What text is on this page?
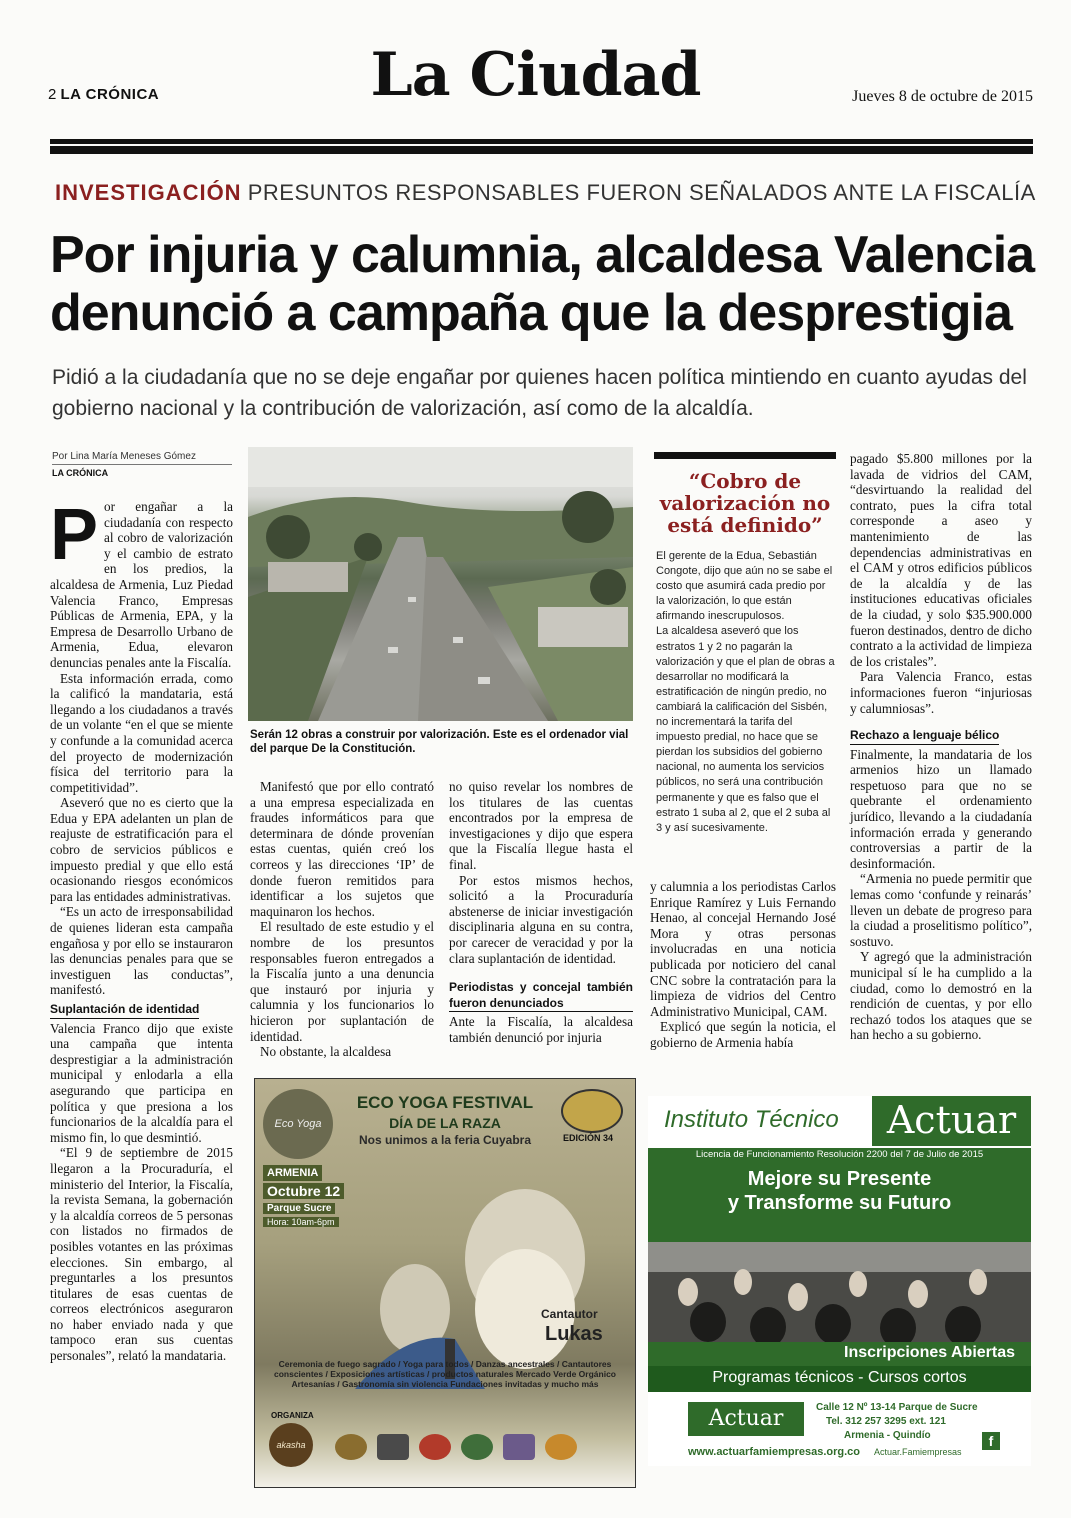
2 LA CRÓNICA	La Ciudad	Jueves 8 de octubre de 2015
INVESTIGACIÓN PRESUNTOS RESPONSABLES FUERON SEÑALADOS ANTE LA FISCALÍA
Por injuria y calumnia, alcaldesa Valencia denunció a campaña que la desprestigia
Pidió a la ciudadanía que no se deje engañar por quienes hacen política mintiendo en cuanto ayudas del gobierno nacional y la contribución de valorización, así como de la alcaldía.
Por Lina María Meneses Gómez
LA CRÓNICA

Por engañar a la ciudadanía con respecto al cobro de valorización y el cambio de estrato en los predios, la alcaldesa de Armenia, Luz Piedad Valencia Franco, Empresas Públicas de Armenia, EPA, y la Empresa de Desarrollo Urbano de Armenia, Edua, elevaron denuncias penales ante la Fiscalía.

Esta información errada, como la calificó la mandataria, está llegando a los ciudadanos a través de un volante “en el que se miente y confunde a la comunidad acerca del proyecto de modernización física del territorio para la competitividad”.

Aseveró que no es cierto que la Edua y EPA adelanten un plan de reajuste de estratificación para el cobro de servicios públicos e impuesto predial y que ello está ocasionando riesgos económicos para las entidades administrativas.

“Es un acto de irresponsabilidad de quienes lideran esta campaña engañosa y por ello se instauraron las denuncias penales para que se investiguen las conductas”, manifestó.

Suplantación de identidad

Valencia Franco dijo que existe una campaña que intenta desprestigiar a la administración municipal y enlodarla a ella asegurando que participa en política y que presiona a los funcionarios de la alcaldía para el mismo fin, lo que desmintió.

“El 9 de septiembre de 2015 llegaron a la Procuraduría, el ministerio del Interior, la Fiscalía, la revista Semana, la gobernación y la alcaldía correos de 5 personas con listados no firmados de posibles votantes en las próximas elecciones. Sin embargo, al preguntarles a los presuntos titulares de esas cuentas de correos electrónicos aseguraron no haber enviado nada y que tampoco eran sus cuentas personales”, relató la mandataria.

Serán 12 obras a construir por valorización. Este es el ordenador vial del parque De la Constitución.

Manifestó que por ello contrató a una empresa especializada en fraudes informáticos para que determinara de dónde provenían estas cuentas, quién creó los correos y las direcciones ‘IP’ de donde fueron remitidos para identificar a los sujetos que maquinaron los hechos.

El resultado de este estudio y el nombre de los presuntos responsables fueron entregados a la Fiscalía junto a una denuncia que instauró por injuria y calumnia y los funcionarios lo hicieron por suplantación de identidad.

No obstante, la alcaldesa

no quiso revelar los nombres de los titulares de las cuentas encontrados por la empresa de investigaciones y dijo que espera que la Fiscalía llegue hasta el final.

Por estos mismos hechos, solicitó a la Procuraduría abstenerse de iniciar investigación disciplinaria alguna en su contra, por carecer de veracidad y por la clara suplantación de identidad.

Periodistas y concejal también fueron denunciados

Ante la Fiscalía, la alcaldesa también denunció por injuria

“Cobro de valorización no está definido”
El gerente de la Edua, Sebastián Congote, dijo que aún no se sabe el costo que asumirá cada predio por la valorización, lo que están afirmando inescrupulosos.
La alcaldesa aseveró que los estratos 1 y 2 no pagarán la valorización y que el plan de obras a desarrollar no modificará la estratificación de ningún predio, no cambiará la calificación del Sisbén, no incrementará la tarifa del impuesto predial, no hace que se pierdan los subsidios del gobierno nacional, no aumenta los servicios públicos, no será una contribución permanente y que es falso que el estrato 1 suba al 2, que el 2 suba al 3 y así sucesivamente.

y calumnia a los periodistas Carlos Enrique Ramírez y Luis Fernando Henao, al concejal Hernando José Mora y otras personas involucradas en una noticia publicada por noticiero del canal CNC sobre la contratación para la limpieza de vidrios del Centro Administrativo Municipal, CAM.

Explicó que según la noticia, el gobierno de Armenia había

pagado $5.800 millones por la lavada de vidrios del CAM, “desvirtuando la realidad del contrato, pues la cifra total corresponde a aseo y mantenimiento de las dependencias administrativas en el CAM y otros edificios públicos de la alcaldía y de las instituciones educativas oficiales de la ciudad, y solo $35.900.000 fueron destinados, dentro de dicho contrato a la actividad de limpieza de los cristales”.

Para Valencia Franco, estas informaciones fueron “injuriosas y calumniosas”.

Rechazo a lenguaje bélico

Finalmente, la mandataria de los armenios hizo un llamado respetuoso para que no se quebrante el ordenamiento jurídico, llevando a la ciudadanía información errada y generando controversias a partir de la desinformación.

“Armenia no puede permitir que lemas como ‘confunde y reinarás’ lleven un debate de progreso para la ciudad a proselitismo político”, sostuvo.

Y agregó que la administración municipal sí le ha cumplido a la ciudad, como lo demostró en la rendición de cuentas, y por ello rechazó todos los ataques que se han hecho a su gobierno.

Eco Yoga
ECO YOGA FESTIVAL
DÍA DE LA RAZA
Nos unimos a la feria Cuyabra	EDICIÓN 34
ARMENIA
Octubre 12
Parque Sucre
Hora: 10am-6pm
Cantautor
Lukas
Ceremonia de fuego sagrado / Yoga para todos / Danzas ancestrales / Cantautores conscientes / Exposiciones artísticas / productos naturales Mercado Verde Orgánico Artesanías / Gastronomía sin violencia Fundaciones invitadas y mucho más
ORGANIZA
akasha
Instituto Técnico	Actuar
Licencia de Funcionamiento Resolución 2200 del 7 de Julio de 2015
Mejore su Presente
y Transforme su Futuro
Inscripciones Abiertas
Programas técnicos - Cursos cortos
Actuar	Calle 12 Nº 13-14 Parque de Sucre
Tel. 312 257 3295 ext. 121
Armenia - Quindío
www.actuarfamiempresas.org.co Actuar.Famiempresas
f
